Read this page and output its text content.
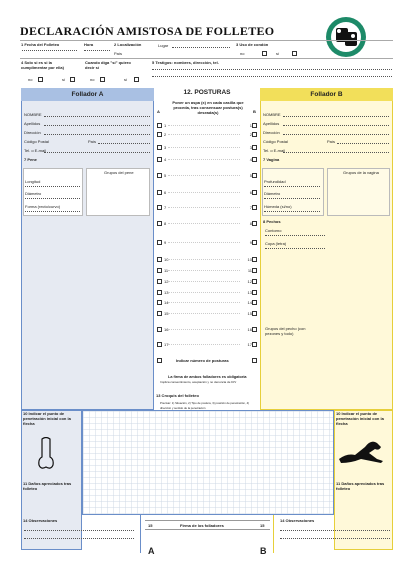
DECLARACIÓN AMISTOSA DE FOLLETEO
1 Fecha del Folleteo	Hora	2 Localización
País
Lugar	3 Uso de condón
no	sí
4 Solo si es si la cumplimentar por ella)
no	sí
Cuando diga "sí" quiero decir sí
no	sí
5 Testigos: nombres, dirección, tel.
Follador A	Follador B
12. POSTURAS
NOMBRE
Apellidos
Dirección
Código Postal	País
Tel. o E-mail
7 Pene
Longitud
Diámetro
Forma (recto/curvo)
Grupos del pene
NOMBRE
Apellidos
Dirección
Código Postal	País
Tel. o E-mail
7 Vagina
Profundidad
Diámetro
Húmeda (sí/no)
Grupos de la vagina
8 Pechos
Contorno
Copa (letra)
Grupos del pecho (con pezones y todo)
Poner un aspa (x) en cada casilla que proceda, tras consensuar postura(s) deseada(s)
A	B
1	1
2	2
3	3
4	4
5	5
6	6
7	7
8	8
9	9
10	10
11	11
12	12
13	13
14	14
15	15
16	16
17	17
Indicar número de posturas
La firma de ambos folladores es obligatoria
Implica consentimiento, aceptación y no denuncia de D/V
13 Croquis del folleteo
Precisar: 1) Situación, 2) Tipo de postura, 3) posición de penetración, 4) dirección y sentido de la penetración
10 Indicar el punto de penetración inicial con la flecha
10 Indicar el punto de penetración inicial con la flecha
11 Daños apreciados tras folleteo
11 Daños apreciados tras folleteo
14 Observaciones	14 Observaciones
15	Firma de los folladores	15
A	B
